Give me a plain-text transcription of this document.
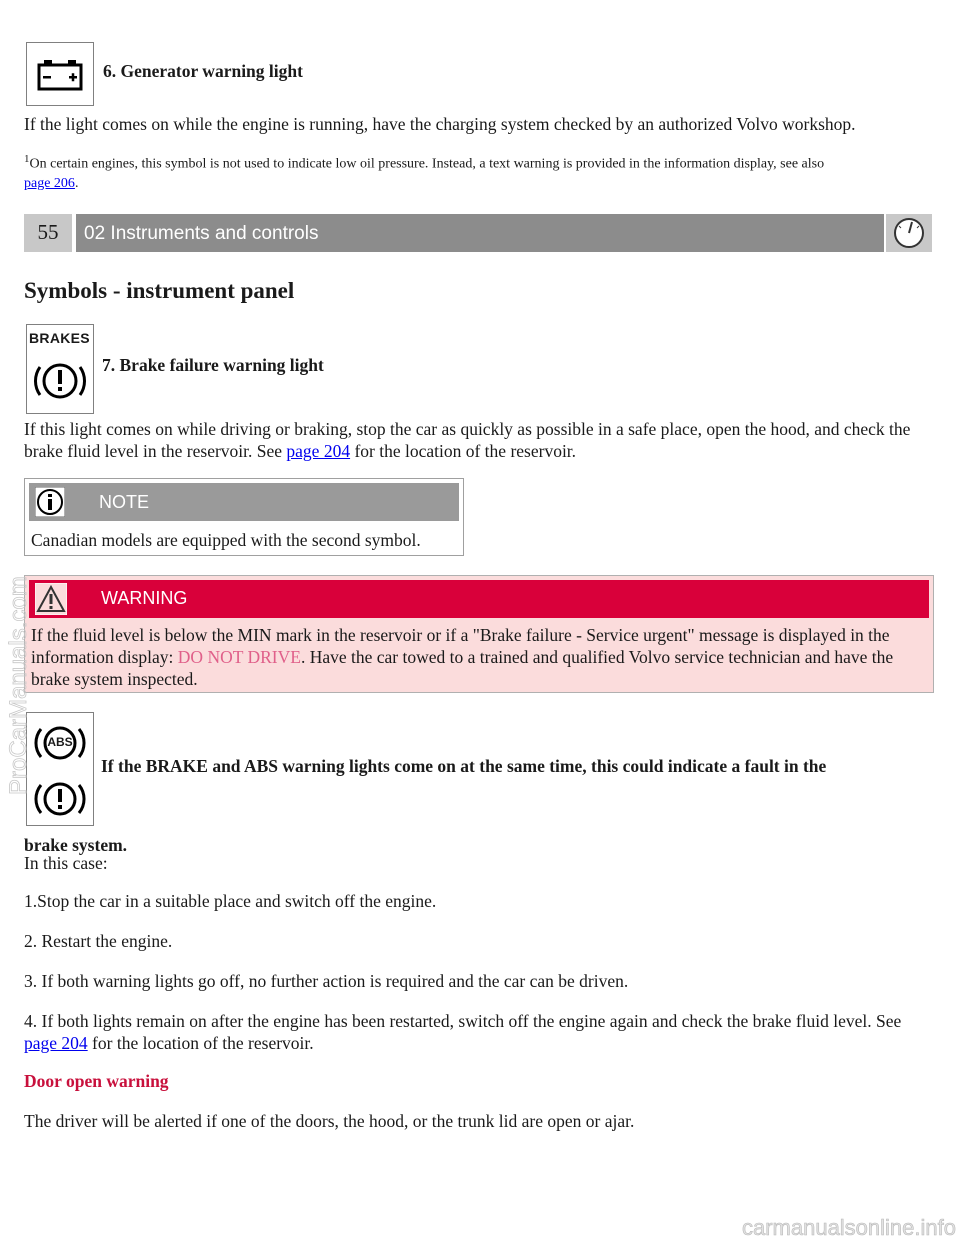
6. Generator warning light
If the light comes on while the engine is running, have the charging system checked by an authorized Volvo workshop.
$^1$On certain engines, this symbol is not used to indicate low oil pressure. Instead, a text warning is provided in the information display, see also
page 206.
55	02 Instruments and controls
Symbols - instrument panel
BRAKES
7. Brake failure warning light
If this light comes on while driving or braking, stop the car as quickly as possible in a safe place, open the hood, and check the brake fluid level in the reservoir. See page 204 for the location of the reservoir.
NOTE
Canadian models are equipped with the second symbol.
WARNING
If the fluid level is below the MIN mark in the reservoir or if a "Brake failure - Service urgent" message is displayed in the information display: DO NOT DRIVE. Have the car towed to a trained and qualified Volvo service technician and have the brake system inspected.
ABS
If the BRAKE and ABS warning lights come on at the same time, this could indicate a fault in the
brake system.
In this case:
1.Stop the car in a suitable place and switch off the engine.
2. Restart the engine.
3. If both warning lights go off, no further action is required and the car can be driven.
4. If both lights remain on after the engine has been restarted, switch off the engine again and check the brake fluid level. See page 204 for the location of the reservoir.
Door open warning
The driver will be alerted if one of the doors, the hood, or the trunk lid are open or ajar.
ProCarManuals.com
carmanualsonline.info
